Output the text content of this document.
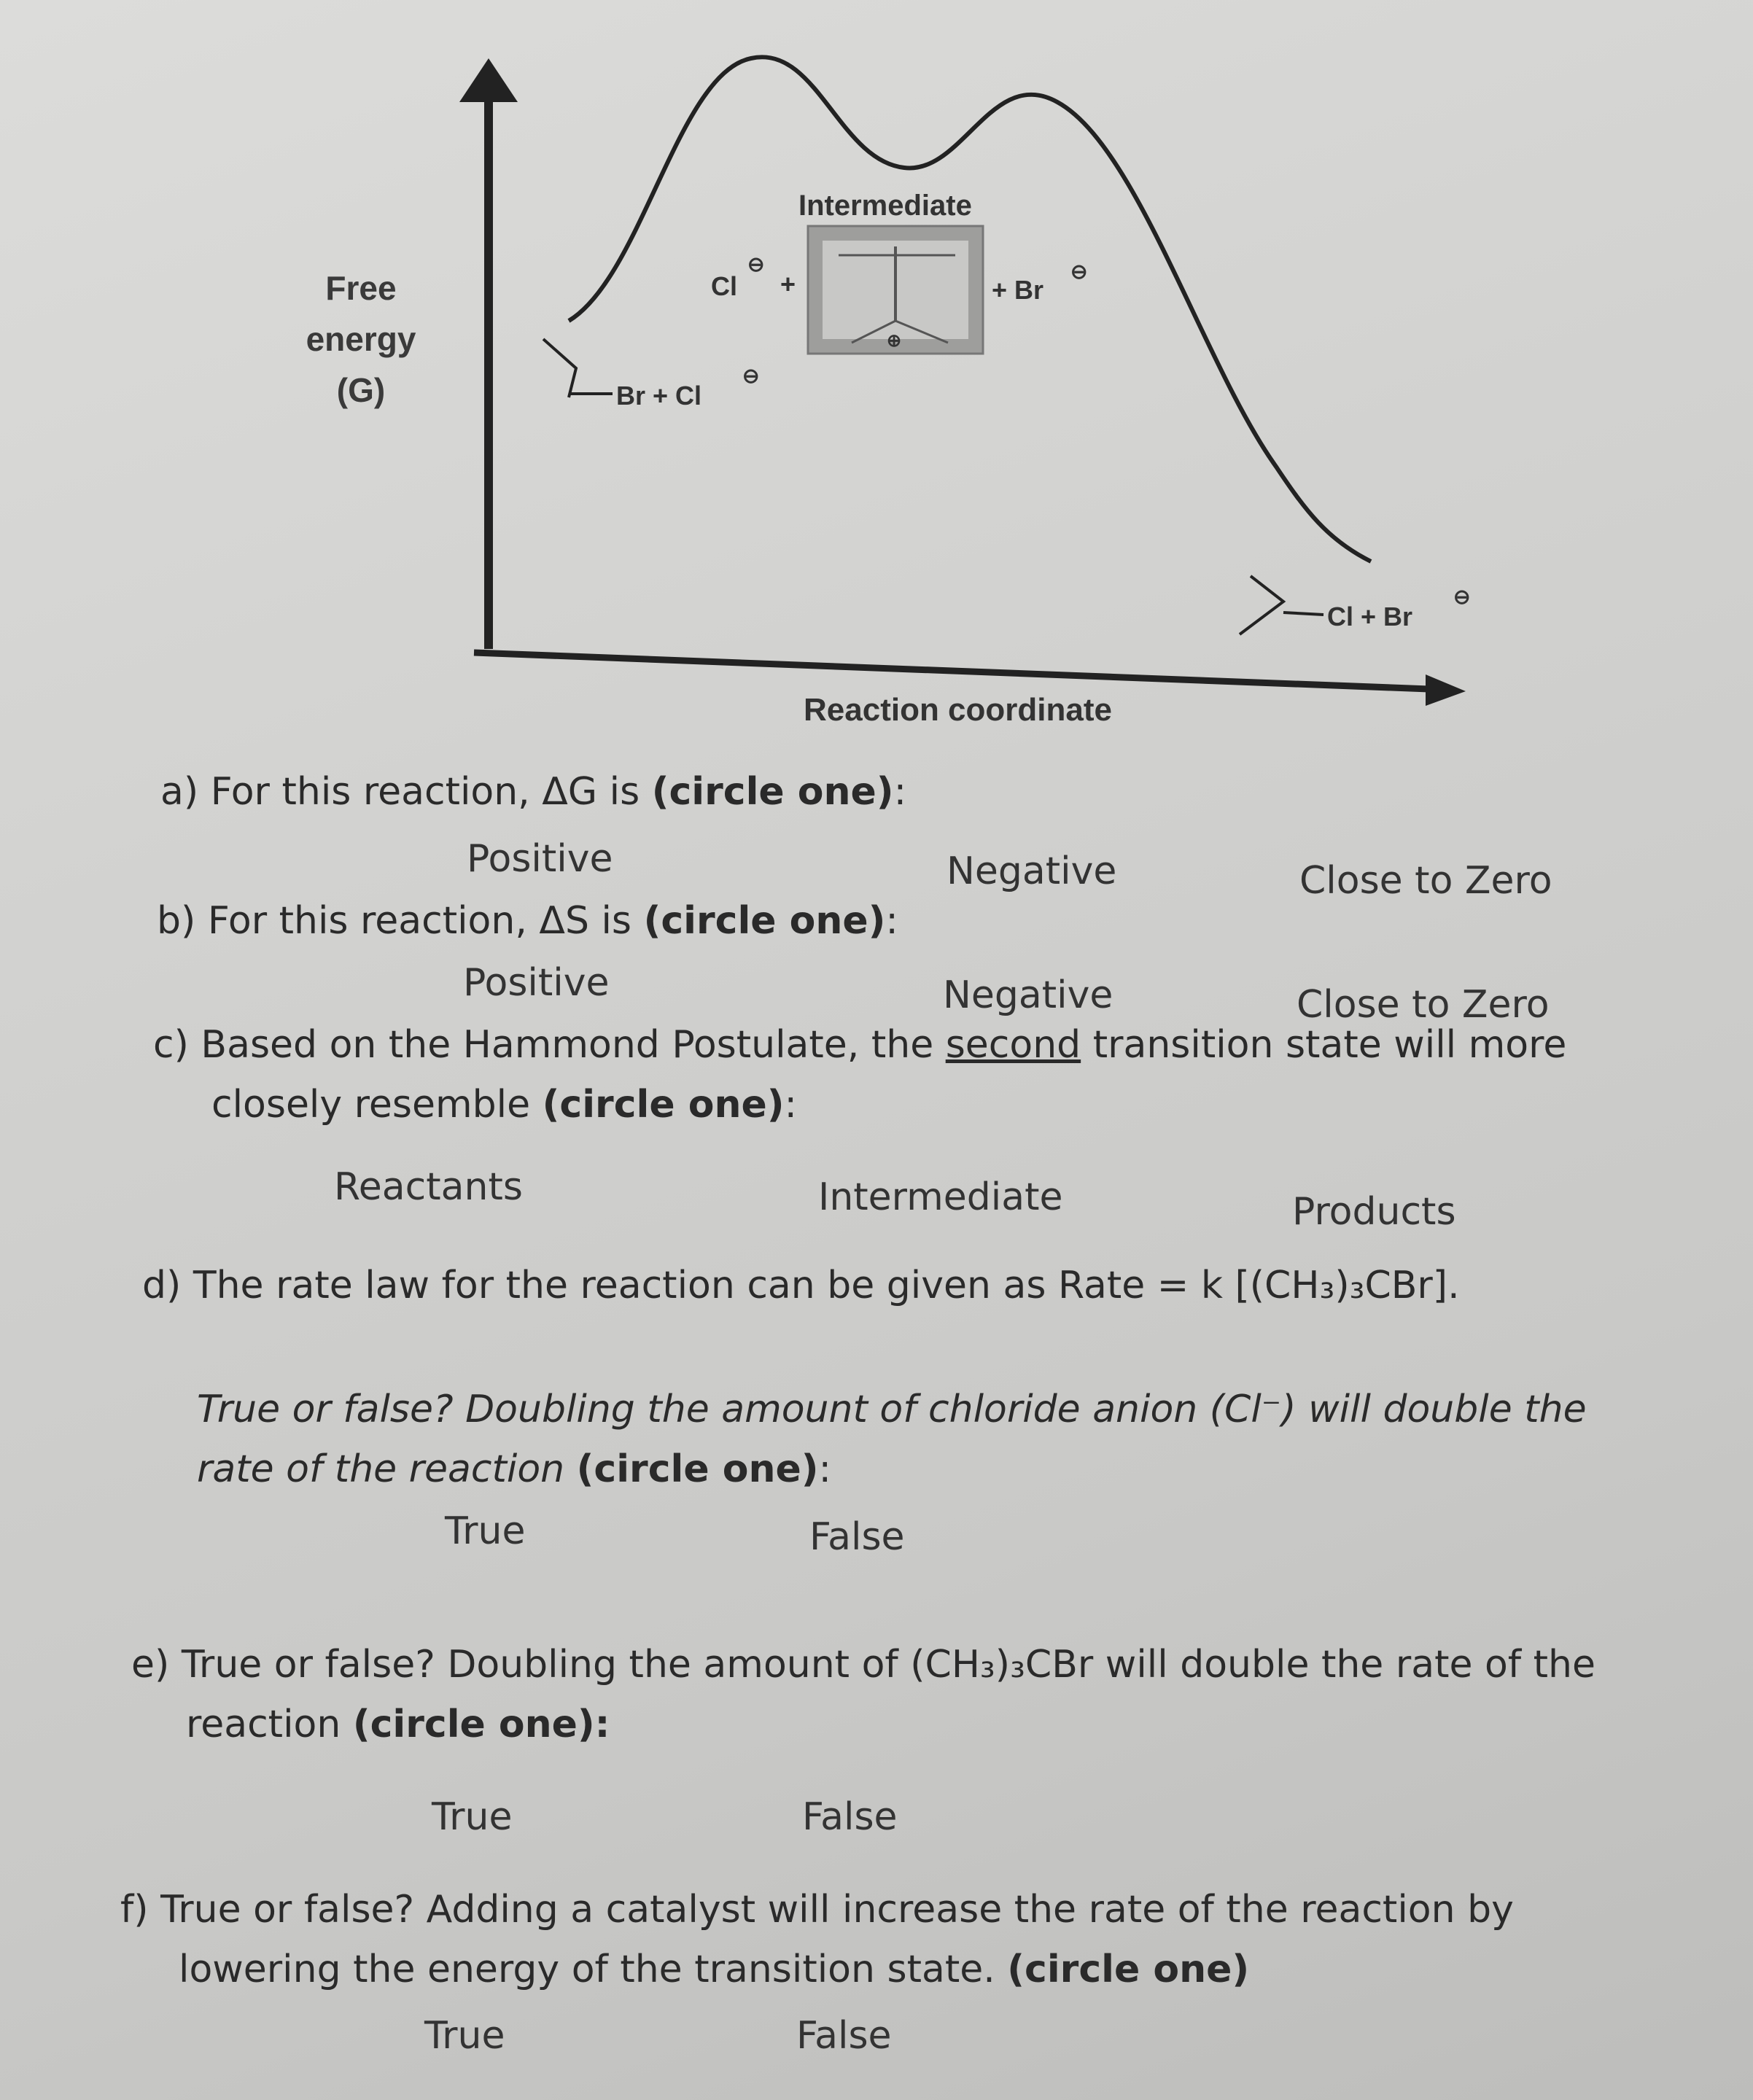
Intermediate
Cl
⊖
+
⊕
+ Br
⊖
Br + Cl
⊖
Cl + Br
⊖
Reaction coordinate
Free
energy
(G)
a) For this reaction, ΔG is (circle one):
Positive	Negative	Close to Zero
b) For this reaction, ΔS is (circle one):
Positive	Negative	Close to Zero
c) Based on the Hammond Postulate, the second transition state will more
closely resemble (circle one):
Reactants	Intermediate	Products
d) The rate law for the reaction can be given as Rate = k [(CH₃)₃CBr].
True or false? Doubling the amount of chloride anion (Cl⁻) will double the
rate of the reaction (circle one):
True	False
e) True or false? Doubling the amount of (CH₃)₃CBr will double the rate of the
reaction (circle one):
True	False
f) True or false? Adding a catalyst will increase the rate of the reaction by
lowering the energy of the transition state. (circle one)
True	False
